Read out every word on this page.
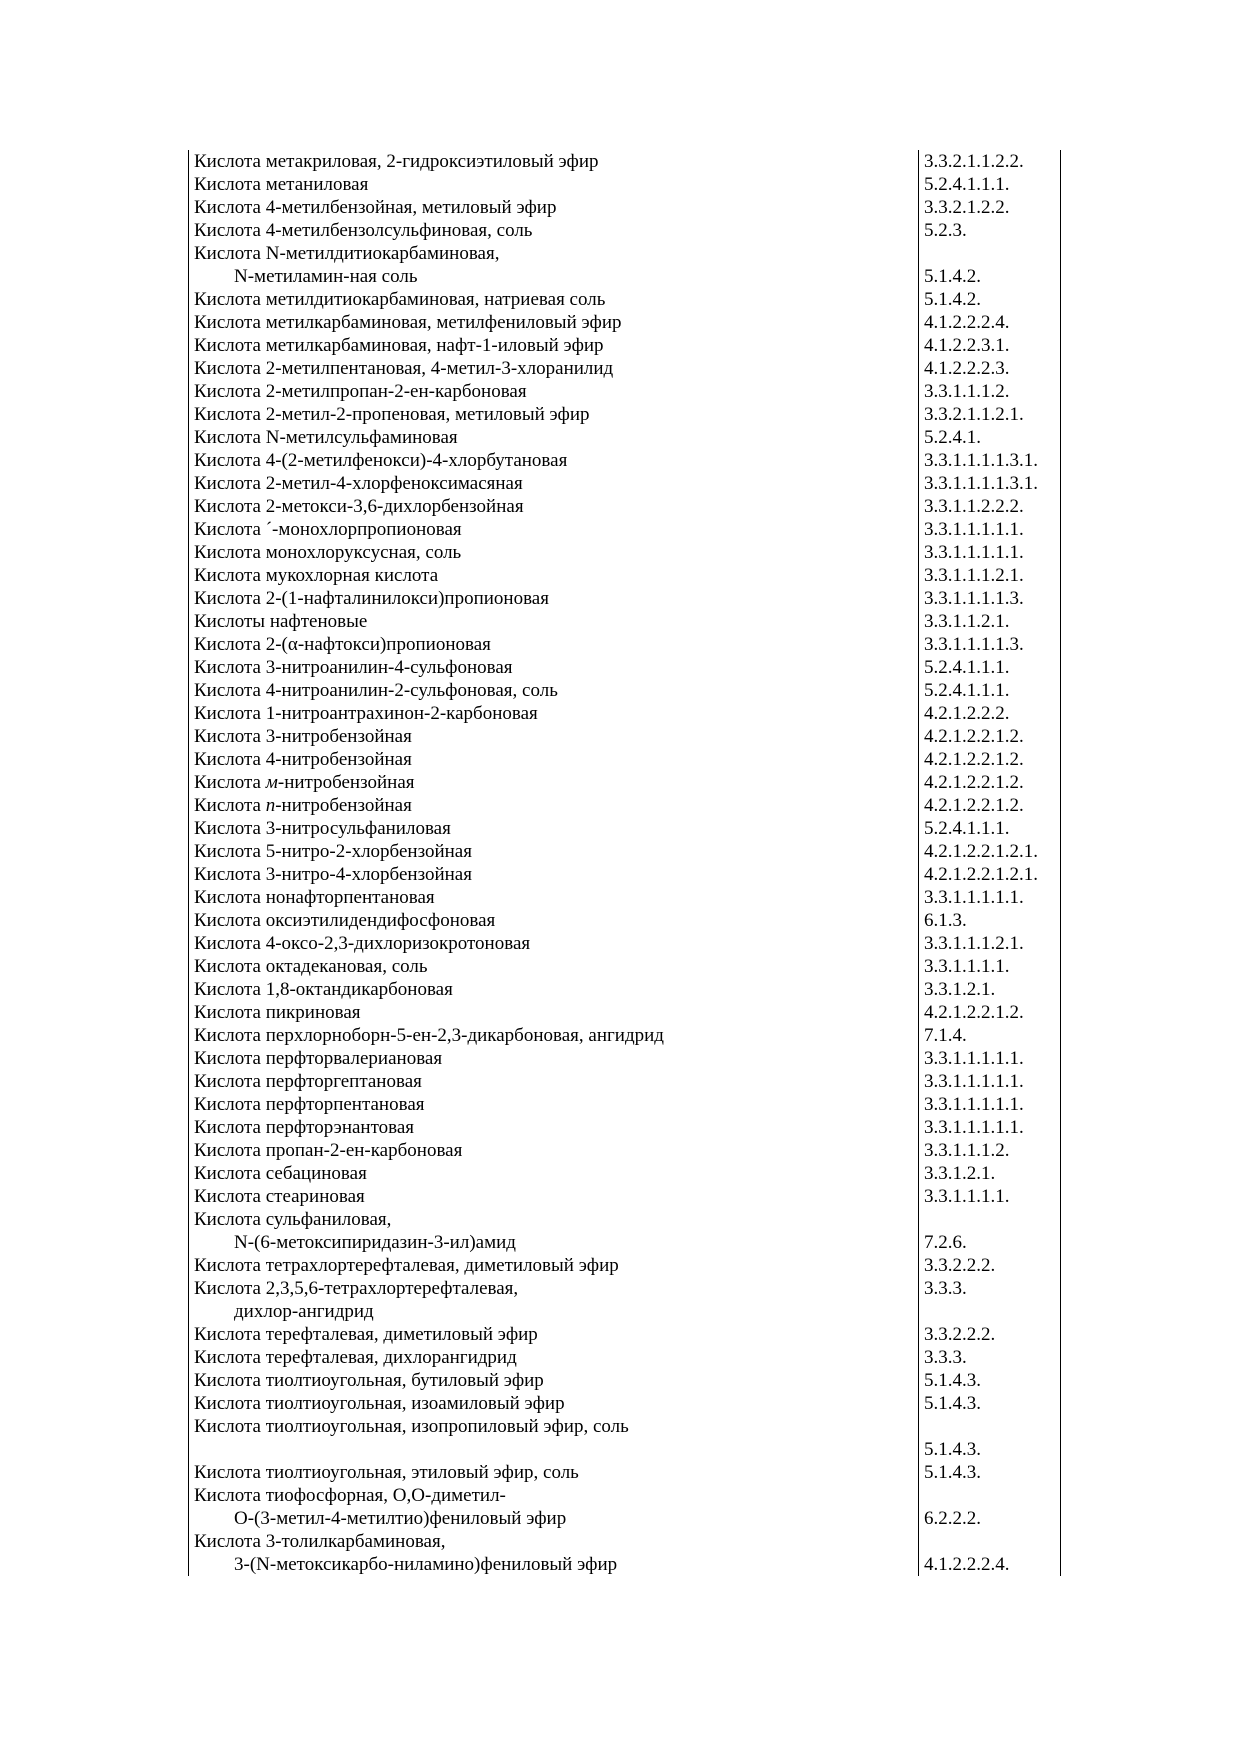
Кислота метакриловая, 2-гидроксиэтиловый эфир	3.3.2.1.1.2.2.

Кислота метаниловая	5.2.4.1.1.1.

Кислота 4-метилбензойная, метиловый эфир	3.3.2.1.2.2.

Кислота 4-метилбензолсульфиновая, соль	5.2.3.

Кислота N-метилдитиокарбаминовая,
N-метиламин-ная соль	5.1.4.2.

Кислота метилдитиокарбаминовая, натриевая соль	5.1.4.2.

Кислота метилкарбаминовая, метилфениловый эфир	4.1.2.2.2.4.

Кислота метилкарбаминовая, нафт-1-иловый эфир	4.1.2.2.3.1.

Кислота 2-метилпентановая, 4-метил-3-хлоранилид	4.1.2.2.2.3.

Кислота 2-метилпропан-2-ен-карбоновая	3.3.1.1.1.2.

Кислота 2-метил-2-пропеновая, метиловый эфир	3.3.2.1.1.2.1.

Кислота N-метилсульфаминовая	5.2.4.1.

Кислота 4-(2-метилфенокси)-4-хлорбутановая	3.3.1.1.1.1.3.1.

Кислота 2-метил-4-хлорфеноксимасяная	3.3.1.1.1.1.3.1.

Кислота 2-метокси-3,6-дихлорбензойная	3.3.1.1.2.2.2.

Кислота ´-монохлорпропионовая	3.3.1.1.1.1.1.

Кислота монохлоруксусная, соль	3.3.1.1.1.1.1.

Кислота мукохлорная кислота	3.3.1.1.1.2.1.

Кислота 2-(1-нафталинилокси)пропионовая	3.3.1.1.1.1.3.

Кислоты нафтеновые	3.3.1.1.2.1.

Кислота 2-(α-нафтокси)пропионовая	3.3.1.1.1.1.3.

Кислота 3-нитроанилин-4-сульфоновая	5.2.4.1.1.1.

Кислота 4-нитроанилин-2-сульфоновая, соль	5.2.4.1.1.1.

Кислота 1-нитроантрахинон-2-карбоновая	4.2.1.2.2.2.

Кислота 3-нитробензойная	4.2.1.2.2.1.2.

Кислота 4-нитробензойная	4.2.1.2.2.1.2.

Кислота м-нитробензойная	4.2.1.2.2.1.2.

Кислота n-нитробензойная	4.2.1.2.2.1.2.

Кислота 3-нитросульфаниловая	5.2.4.1.1.1.

Кислота 5-нитро-2-хлорбензойная	4.2.1.2.2.1.2.1.

Кислота 3-нитро-4-хлорбензойная	4.2.1.2.2.1.2.1.

Кислота нонафторпентановая	3.3.1.1.1.1.1.

Кислота оксиэтилидендифосфоновая	6.1.3.

Кислота 4-оксо-2,3-дихлоризокротоновая	3.3.1.1.1.2.1.

Кислота октадекановая, соль	3.3.1.1.1.1.

Кислота 1,8-октандикарбоновая	3.3.1.2.1.

Кислота пикриновая	4.2.1.2.2.1.2.

Кислота перхлорноборн-5-ен-2,3-дикарбоновая, ангидрид	7.1.4.

Кислота перфторвалериановая	3.3.1.1.1.1.1.

Кислота перфторгептановая	3.3.1.1.1.1.1.

Кислота перфторпентановая	3.3.1.1.1.1.1.

Кислота перфторэнантовая	3.3.1.1.1.1.1.

Кислота пропан-2-ен-карбоновая	3.3.1.1.1.2.

Кислота себациновая	3.3.1.2.1.

Кислота стеариновая	3.3.1.1.1.1.

Кислота сульфаниловая,
N-(6-метоксипиридазин-3-ил)амид	7.2.6.

Кислота тетрахлортерефталевая, диметиловый эфир	3.3.2.2.2.

Кислота 2,3,5,6-тетрахлортерефталевая,
дихлор-ангидрид	3.3.3.

Кислота терефталевая, диметиловый эфир	3.3.2.2.2.

Кислота терефталевая, дихлорангидрид	3.3.3.

Кислота тиолтиоугольная, бутиловый эфир	5.1.4.3.

Кислота тиолтиоугольная, изоамиловый эфир	5.1.4.3.

Кислота тиолтиоугольная, изопропиловый эфир, соль	5.1.4.3.

Кислота тиолтиоугольная, этиловый эфир, соль	5.1.4.3.

Кислота тиофосфорная, О,О-диметил-
О-(3-метил-4-метилтио)фениловый эфир	6.2.2.2.

Кислота 3-толилкарбаминовая,
3-(N-метоксикарбо-ниламино)фениловый эфир	4.1.2.2.2.4.
